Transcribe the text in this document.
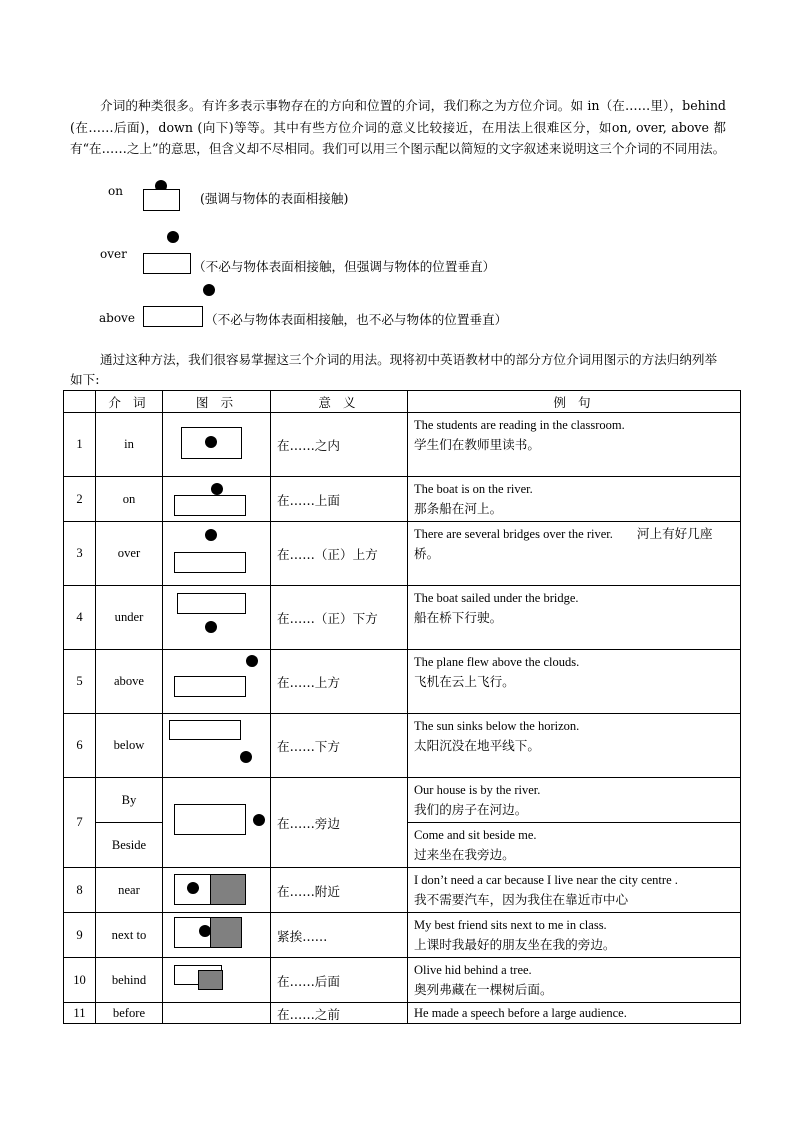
介词的种类很多。有许多表示事物存在的方向和位置的介词，我们称之为方位介词。如 in（在……里），behind (在……后面)，down (向下)等等。其中有些方位介词的意义比较接近，在用法上很难区分，如on, over, above 都有“在……之上”的意思，但含义却不尽相同。我们可以用三个图示配以简短的文字叙述来说明这三个介词的不同用法。
on	(强调与物体的表面相接触)
over
（不必与物体表面相接触，但强调与物体的位置垂直）
above	（不必与物体表面相接触，也不必与物体的位置垂直）
通过这种方法，我们很容易掌握这三个介词的用法。现将初中英语教材中的部分方位介词用图示的方法归纳列举如下:
	介 词	图 示	意 义	例 句
1	in		在……之内	The students are reading in the classroom.
学生们在教师里读书。

2	on		在……上面	The boat is on the river.
那条船在河上。

3	over		在……（正）上方	There are several bridges over the river. 河上有好几座桥。

4	under		在……（正）下方	The boat sailed under the bridge.
船在桥下行驶。

5	above		在……上方	The plane flew above the clouds.
飞机在云上飞行。

6	below		在……下方	The sun sinks below the horizon.
太阳沉没在地平线下。

7	By		在……旁边	Our house is by the river.
我们的房子在河边。

	Beside			Come and sit beside me.
过来坐在我旁边。

8	near		在……附近	I don’t need a car because I live near the city centre .
我不需要汽车，因为我住在靠近市中心

9	next to		紧挨……	My best friend sits next to me in class.
上课时我最好的朋友坐在我的旁边。

10	behind		在……后面	Olive hid behind a tree.
奥列弗藏在一棵树后面。

11	before		在……之前	He made a speech before a large audience.
